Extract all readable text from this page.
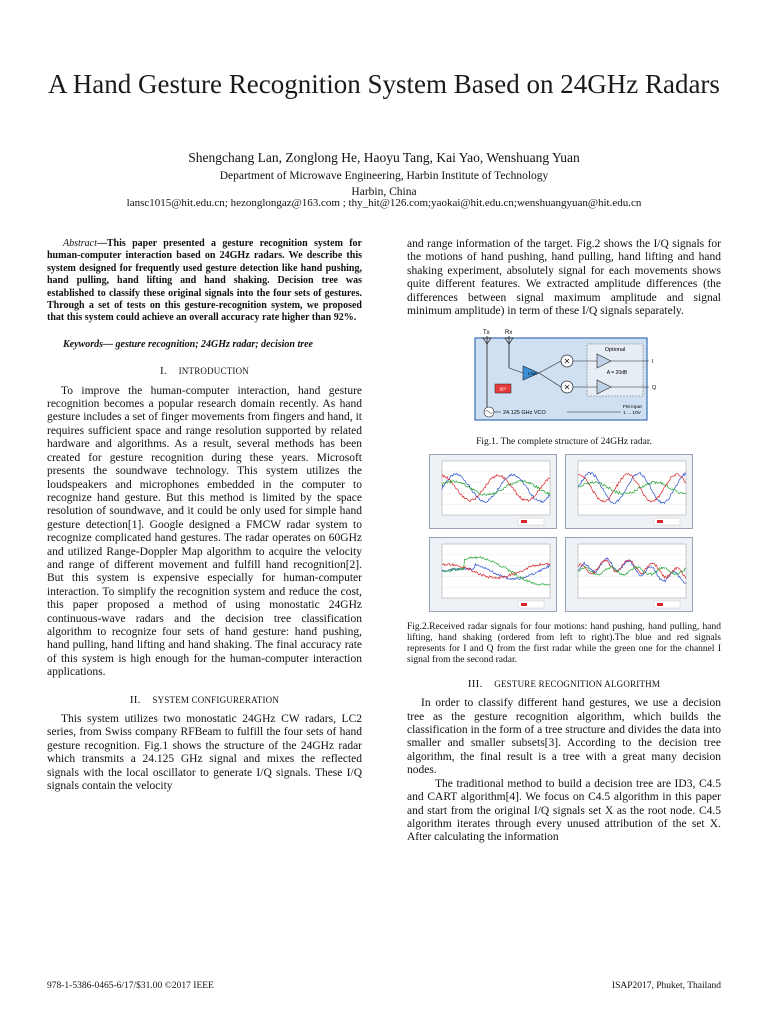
A Hand Gesture Recognition System Based on 24GHz Radars
Shengchang Lan, Zonglong He, Haoyu Tang, Kai Yao, Wenshuang Yuan
Department of Microwave Engineering, Harbin Institute of Technology
Harbin, China
lansc1015@hit.edu.cn; hezonglongaz@163.com ; thy_hit@126.com;yaokai@hit.edu.cn;wenshuangyuan@hit.edu.cn

Abstract—This paper presented a gesture recognition system for human-computer interaction based on 24GHz radars. We describe this system designed for frequently used gesture detection like hand pushing, hand pulling, hand lifting and hand shaking. Decision tree was established to classify these original signals into the four sets of gestures. Through a set of tests on this gesture-recognition system, we proposed that this system could achieve an overall accuracy rate higher than 92%.

Keywords— gesture recognition; 24GHz radar; decision tree

I. INTRODUCTION

To improve the human-computer interaction, hand gesture recognition becomes a popular research domain recently. As hand gesture includes a set of finger movements from fingers and hand, it requires sufficient space and range resolution supported by related hardware and algorithms. As a result, several methods has been created for gesture recognition during these years. Microsoft presents the soundwave technology. This system utilizes the loudspeakers and microphones embedded in the computer to recognize hand gesture. But this method is limited by the space resolution of soundwave, and it could be only used for simple hand gesture detection[1]. Google designed a FMCW radar system to recognize complicated hand gestures. The radar operates on 60GHz and utilized Range-Doppler Map algorithm to acquire the velocity and range of different movement and fulfill hand recognition[2]. But this system is expensive especially for human-computer interaction. To simplify the recognition system and reduce the cost, this paper proposed a method of using monostatic 24GHz continuous-wave radars and the decision tree classification algorithm to recognize four sets of hand gesture: hand pushing, hand pulling, hand lifting and hand shaking. The final accuracy rate of this system is high enough for the human-computer interaction applications.

II. SYSTEM CONFIGURERATION

This system utilizes two monostatic 24GHz CW radars, LC2 series, from Swiss company RFBeam to fulfill the four sets of hand gesture recognition. Fig.1 shows the structure of the 24GHz radar which transmits a 24.125 GHz signal and mixes the reflected signals with the local oscillator to generate I/Q signals. These I/Q signals contain the velocity

and range information of the target. Fig.2 shows the I/Q signals for the motions of hand pushing, hand pulling, hand lifting and hand shaking experiment, absolutely signal for each movements shows quite different features. We extracted amplitude differences (the differences between signal maximum amplitude and signal minimum amplitude) in term of these I/Q signals separately.

Tx	Rx
Optional
A = 20dB
×
×
LNA
90°
I
Q
24.125 GHz VCO
FM input
1 ... 10V
Fig.1. The complete structure of 24GHz radar.
Fig.2.Received radar signals for four motions: hand pushing, hand pulling, hand lifting, hand shaking (ordered from left to right).The blue and red signals represents for I and Q from the first radar while the green one for the channel I signal from the second radar.
III. GESTURE RECOGNITION ALGORITHM

In order to classify different hand gestures, we use a decision tree as the gesture recognition algorithm, which builds the classification in the form of a tree structure and divides the data into smaller and smaller subsets[3]. According to the decision tree algorithm, the final result is a tree with a great many decision nodes.

The traditional method to build a decision tree are ID3, C4.5 and CART algorithm[4]. We focus on C4.5 algorithm in this paper and start from the original I/Q signals set X as the root node. C4.5 algorithm iterates through every unused attribution of the set X. After calculating the information

978-1-5386-0465-6/17/$31.00 ©2017 IEEE	ISAP2017, Phuket, Thailand
